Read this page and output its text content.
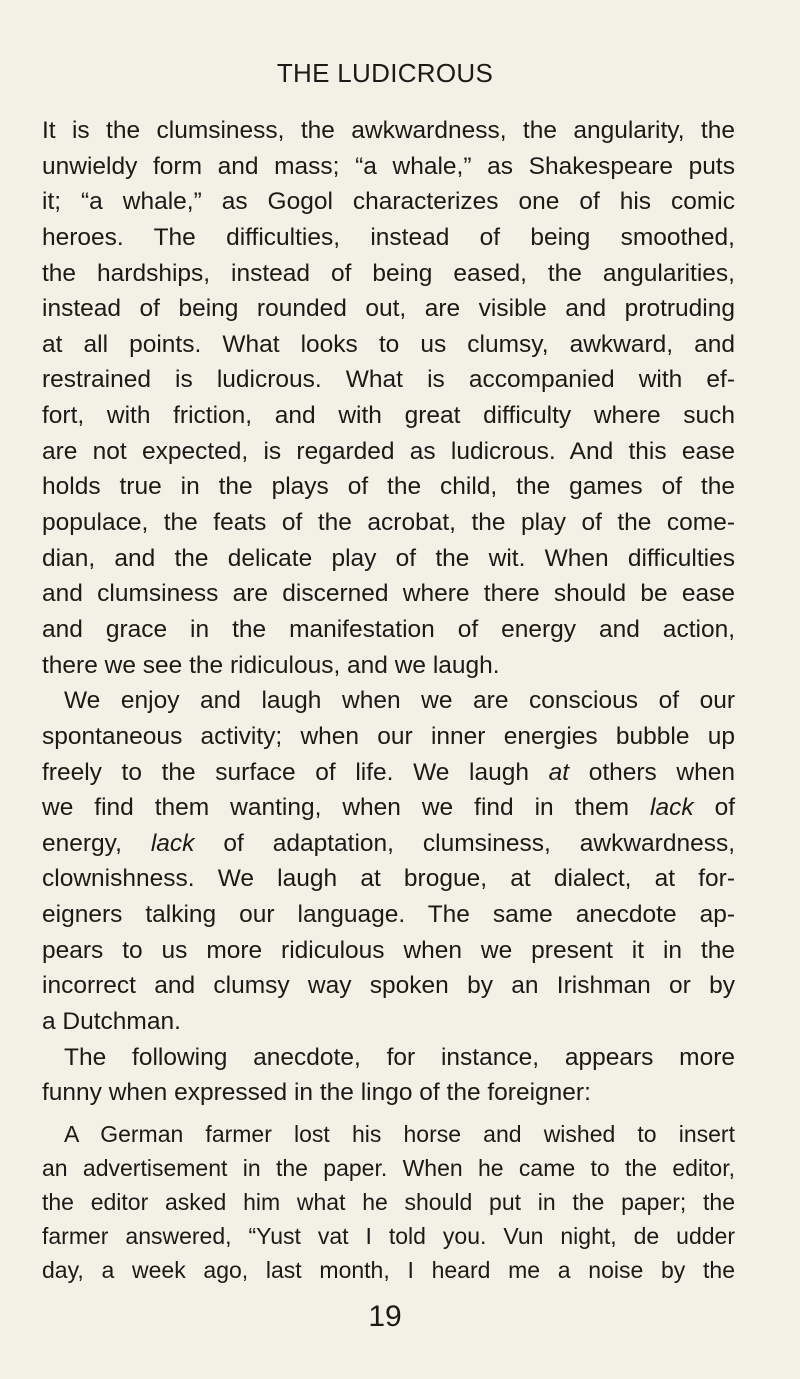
THE LUDICROUS
It is the clumsiness, the awkwardness, the angularity, the
unwieldy form and mass; “a whale,” as Shakespeare puts
it; “a whale,” as Gogol characterizes one of his comic
heroes. The difficulties, instead of being smoothed,
the hardships, instead of being eased, the angularities,
instead of being rounded out, are visible and protruding
at all points. What looks to us clumsy, awkward, and
restrained is ludicrous. What is accompanied with ef-
fort, with friction, and with great difficulty where such
are not expected, is regarded as ludicrous. And this ease
holds true in the plays of the child, the games of the
populace, the feats of the acrobat, the play of the come-
dian, and the delicate play of the wit. When difficulties
and clumsiness are discerned where there should be ease
and grace in the manifestation of energy and action,
there we see the ridiculous, and we laugh.
We enjoy and laugh when we are conscious of our
spontaneous activity; when our inner energies bubble up
freely to the surface of life. We laugh at others when
we find them wanting, when we find in them lack of
energy, lack of adaptation, clumsiness, awkwardness,
clownishness. We laugh at brogue, at dialect, at for-
eigners talking our language. The same anecdote ap-
pears to us more ridiculous when we present it in the
incorrect and clumsy way spoken by an Irishman or by
a Dutchman.
The following anecdote, for instance, appears more
funny when expressed in the lingo of the foreigner:
A German farmer lost his horse and wished to insert
an advertisement in the paper. When he came to the editor,
the editor asked him what he should put in the paper; the
farmer answered, “Yust vat I told you. Vun night, de udder
day, a week ago, last month, I heard me a noise by the
19
